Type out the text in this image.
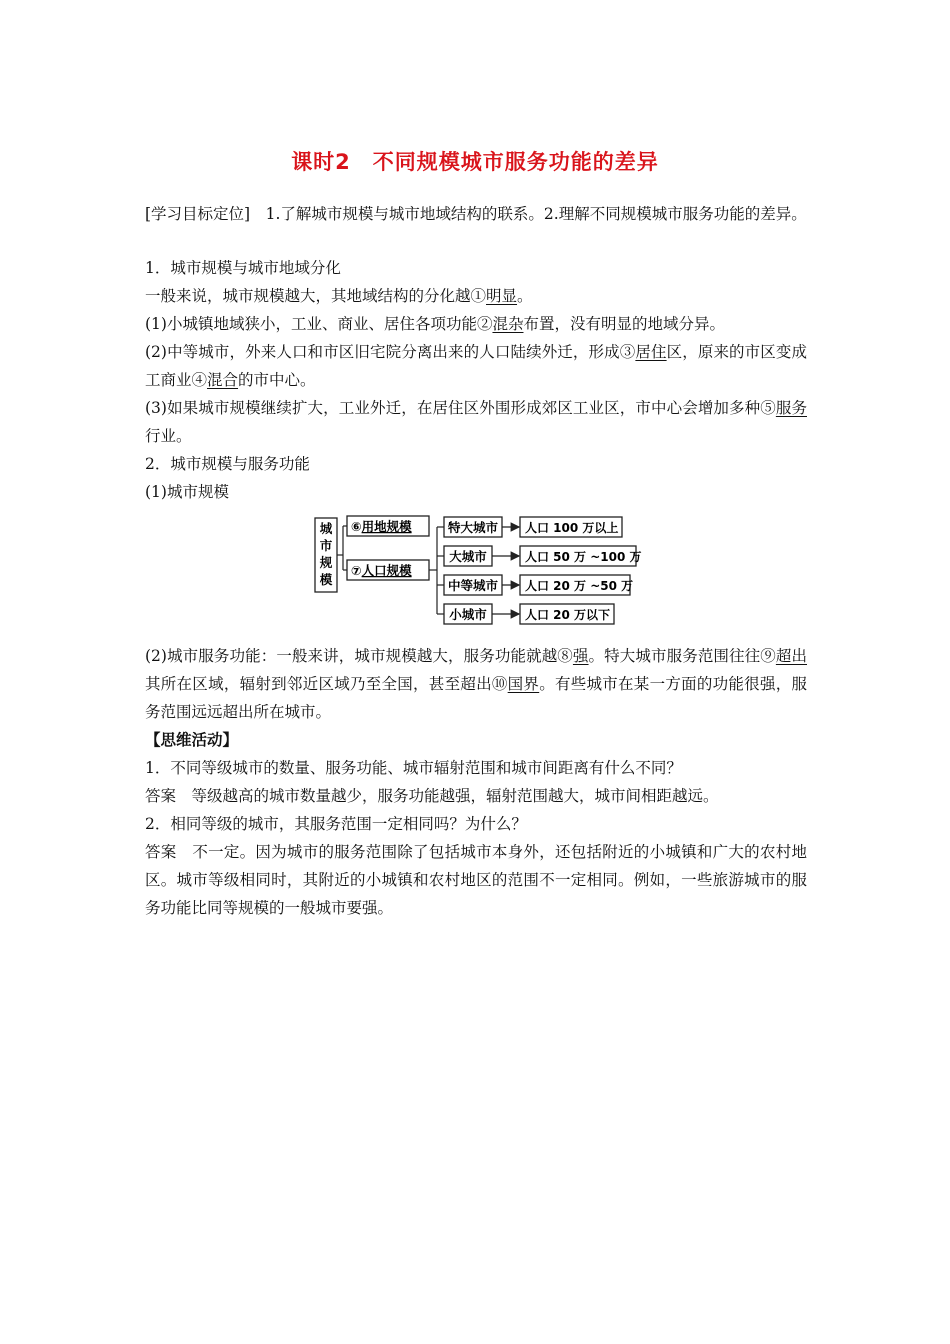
课时2　不同规模城市服务功能的差异

[学习目标定位]　1.了解城市规模与城市地域结构的联系。2.理解不同规模城市服务功能的差异。

1．城市规模与城市地域分化

一般来说，城市规模越大，其地域结构的分化越①明显。

(1)小城镇地域狭小，工业、商业、居住各项功能②混杂布置，没有明显的地域分异。

(2)中等城市，外来人口和市区旧宅院分离出来的人口陆续外迁，形成③居住区，原来的市区变成工商业④混合的市中心。

(3)如果城市规模继续扩大，工业外迁，在居住区外围形成郊区工业区，市中心会增加多种⑤服务行业。

2．城市规模与服务功能

(1)城市规模

城
市
规
模
⑥用地规模
⑦人口规模
特大城市
大城市
中等城市
小城市
人口 100 万以上
人口 50 万 ~100 万
人口 20 万 ~50 万
人口 20 万以下

(2)城市服务功能：一般来讲，城市规模越大，服务功能就越⑧强。特大城市服务范围往往⑨超出其所在区域，辐射到邻近区域乃至全国，甚至超出⑩国界。有些城市在某一方面的功能很强，服务范围远远超出所在城市。

【思维活动】

1．不同等级城市的数量、服务功能、城市辐射范围和城市间距离有什么不同？

答案　等级越高的城市数量越少，服务功能越强，辐射范围越大，城市间相距越远。

2．相同等级的城市，其服务范围一定相同吗？为什么？

答案　不一定。因为城市的服务范围除了包括城市本身外，还包括附近的小城镇和广大的农村地区。城市等级相同时，其附近的小城镇和农村地区的范围不一定相同。例如，一些旅游城市的服务功能比同等规模的一般城市要强。
